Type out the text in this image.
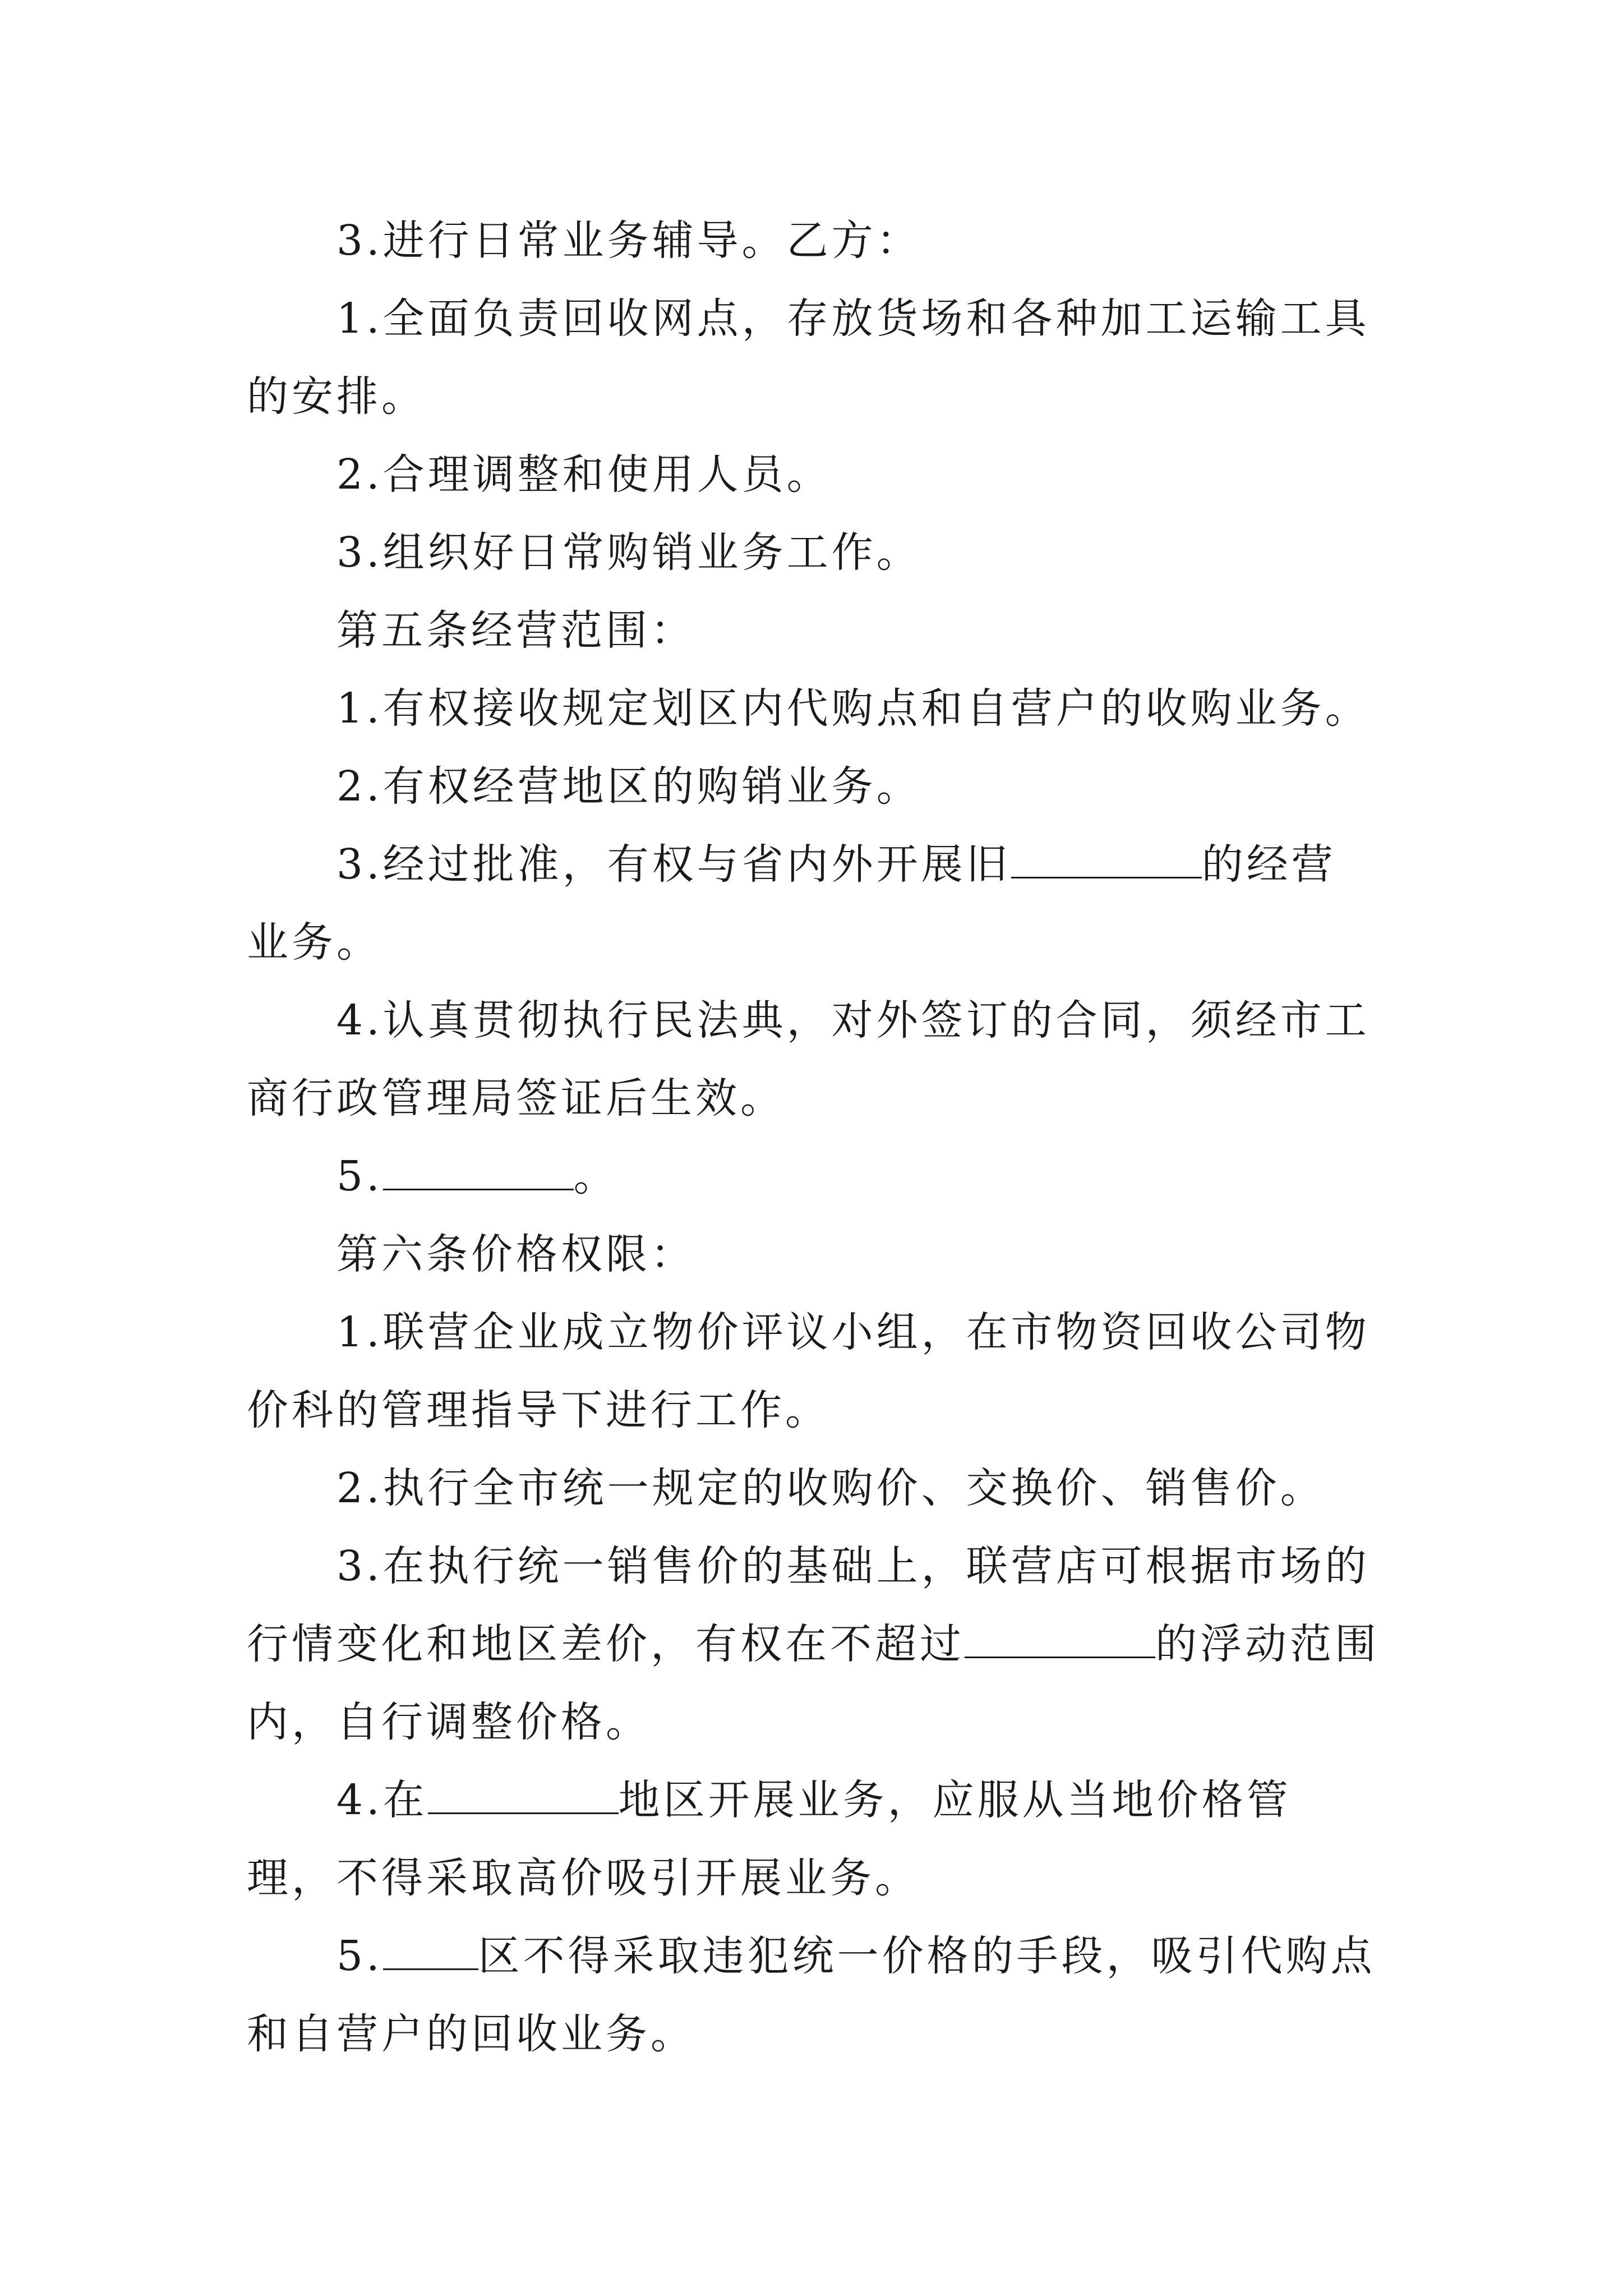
3.进行日常业务辅导。乙方：

1.全面负责回收网点，存放货场和各种加工运输工具的安排。

2.合理调整和使用人员。

3.组织好日常购销业务工作。

第五条经营范围：

1.有权接收规定划区内代购点和自营户的收购业务。

2.有权经营地区的购销业务。

3.经过批准，有权与省内外开展旧	的经营业务。

4.认真贯彻执行民法典，对外签订的合同，须经市工商行政管理局签证后生效。

5.	。

第六条价格权限：

1.联营企业成立物价评议小组，在市物资回收公司物价科的管理指导下进行工作。

2.执行全市统一规定的收购价、交换价、销售价。

3.在执行统一销售价的基础上，联营店可根据市场的行情变化和地区差价，有权在不超过	的浮动范围内，自行调整价格。

4.在	地区开展业务，应服从当地价格管理，不得采取高价吸引开展业务。

5. 区不得采取违犯统一价格的手段，吸引代购点和自营户的回收业务。
